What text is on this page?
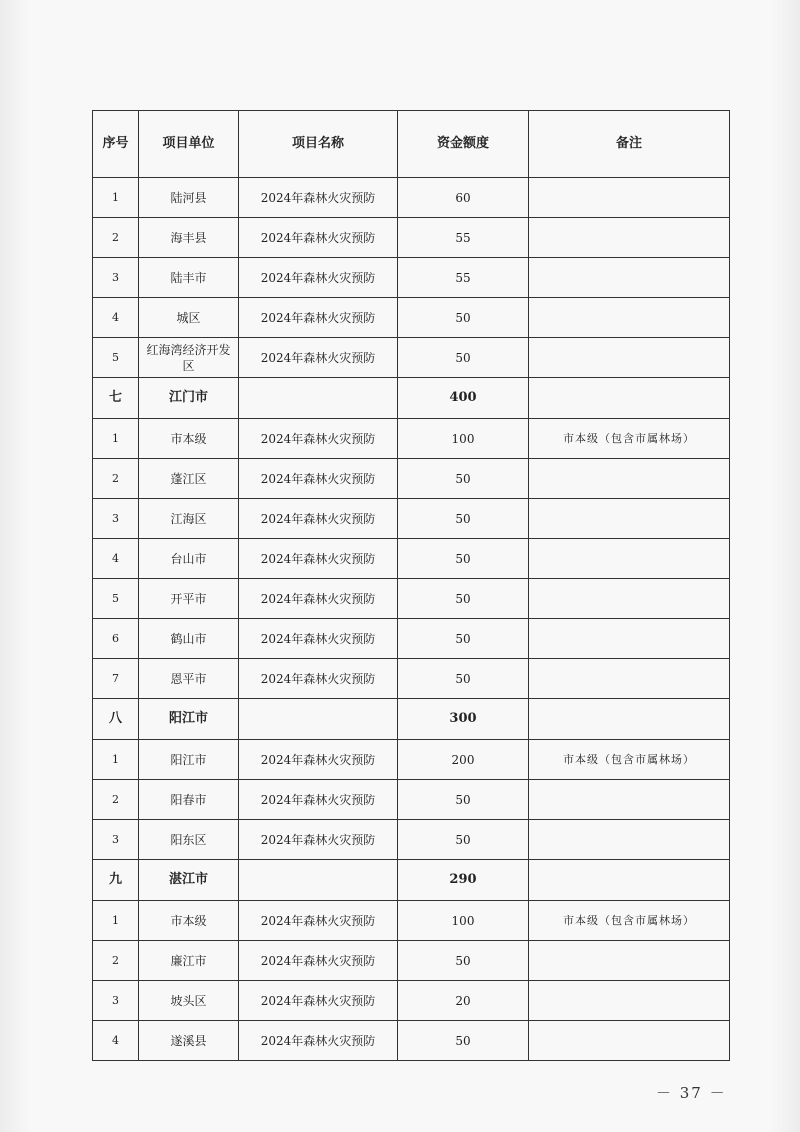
序号	项目单位	项目名称	资金额度	备注
1	陆河县	2024年森林火灾预防	60	
2	海丰县	2024年森林火灾预防	55	
3	陆丰市	2024年森林火灾预防	55	
4	城区	2024年森林火灾预防	50	
5	红海湾经济开发区	2024年森林火灾预防	50	
七	江门市		400	
1	市本级	2024年森林火灾预防	100	市本级（包含市属林场）
2	蓬江区	2024年森林火灾预防	50	
3	江海区	2024年森林火灾预防	50	
4	台山市	2024年森林火灾预防	50	
5	开平市	2024年森林火灾预防	50	
6	鹤山市	2024年森林火灾预防	50	
7	恩平市	2024年森林火灾预防	50	
八	阳江市		300	
1	阳江市	2024年森林火灾预防	200	市本级（包含市属林场）
2	阳春市	2024年森林火灾预防	50	
3	阳东区	2024年森林火灾预防	50	
九	湛江市		290	
1	市本级	2024年森林火灾预防	100	市本级（包含市属林场）
2	廉江市	2024年森林火灾预防	50	
3	坡头区	2024年森林火灾预防	20	
4	遂溪县	2024年森林火灾预防	50	
－ 37 －
